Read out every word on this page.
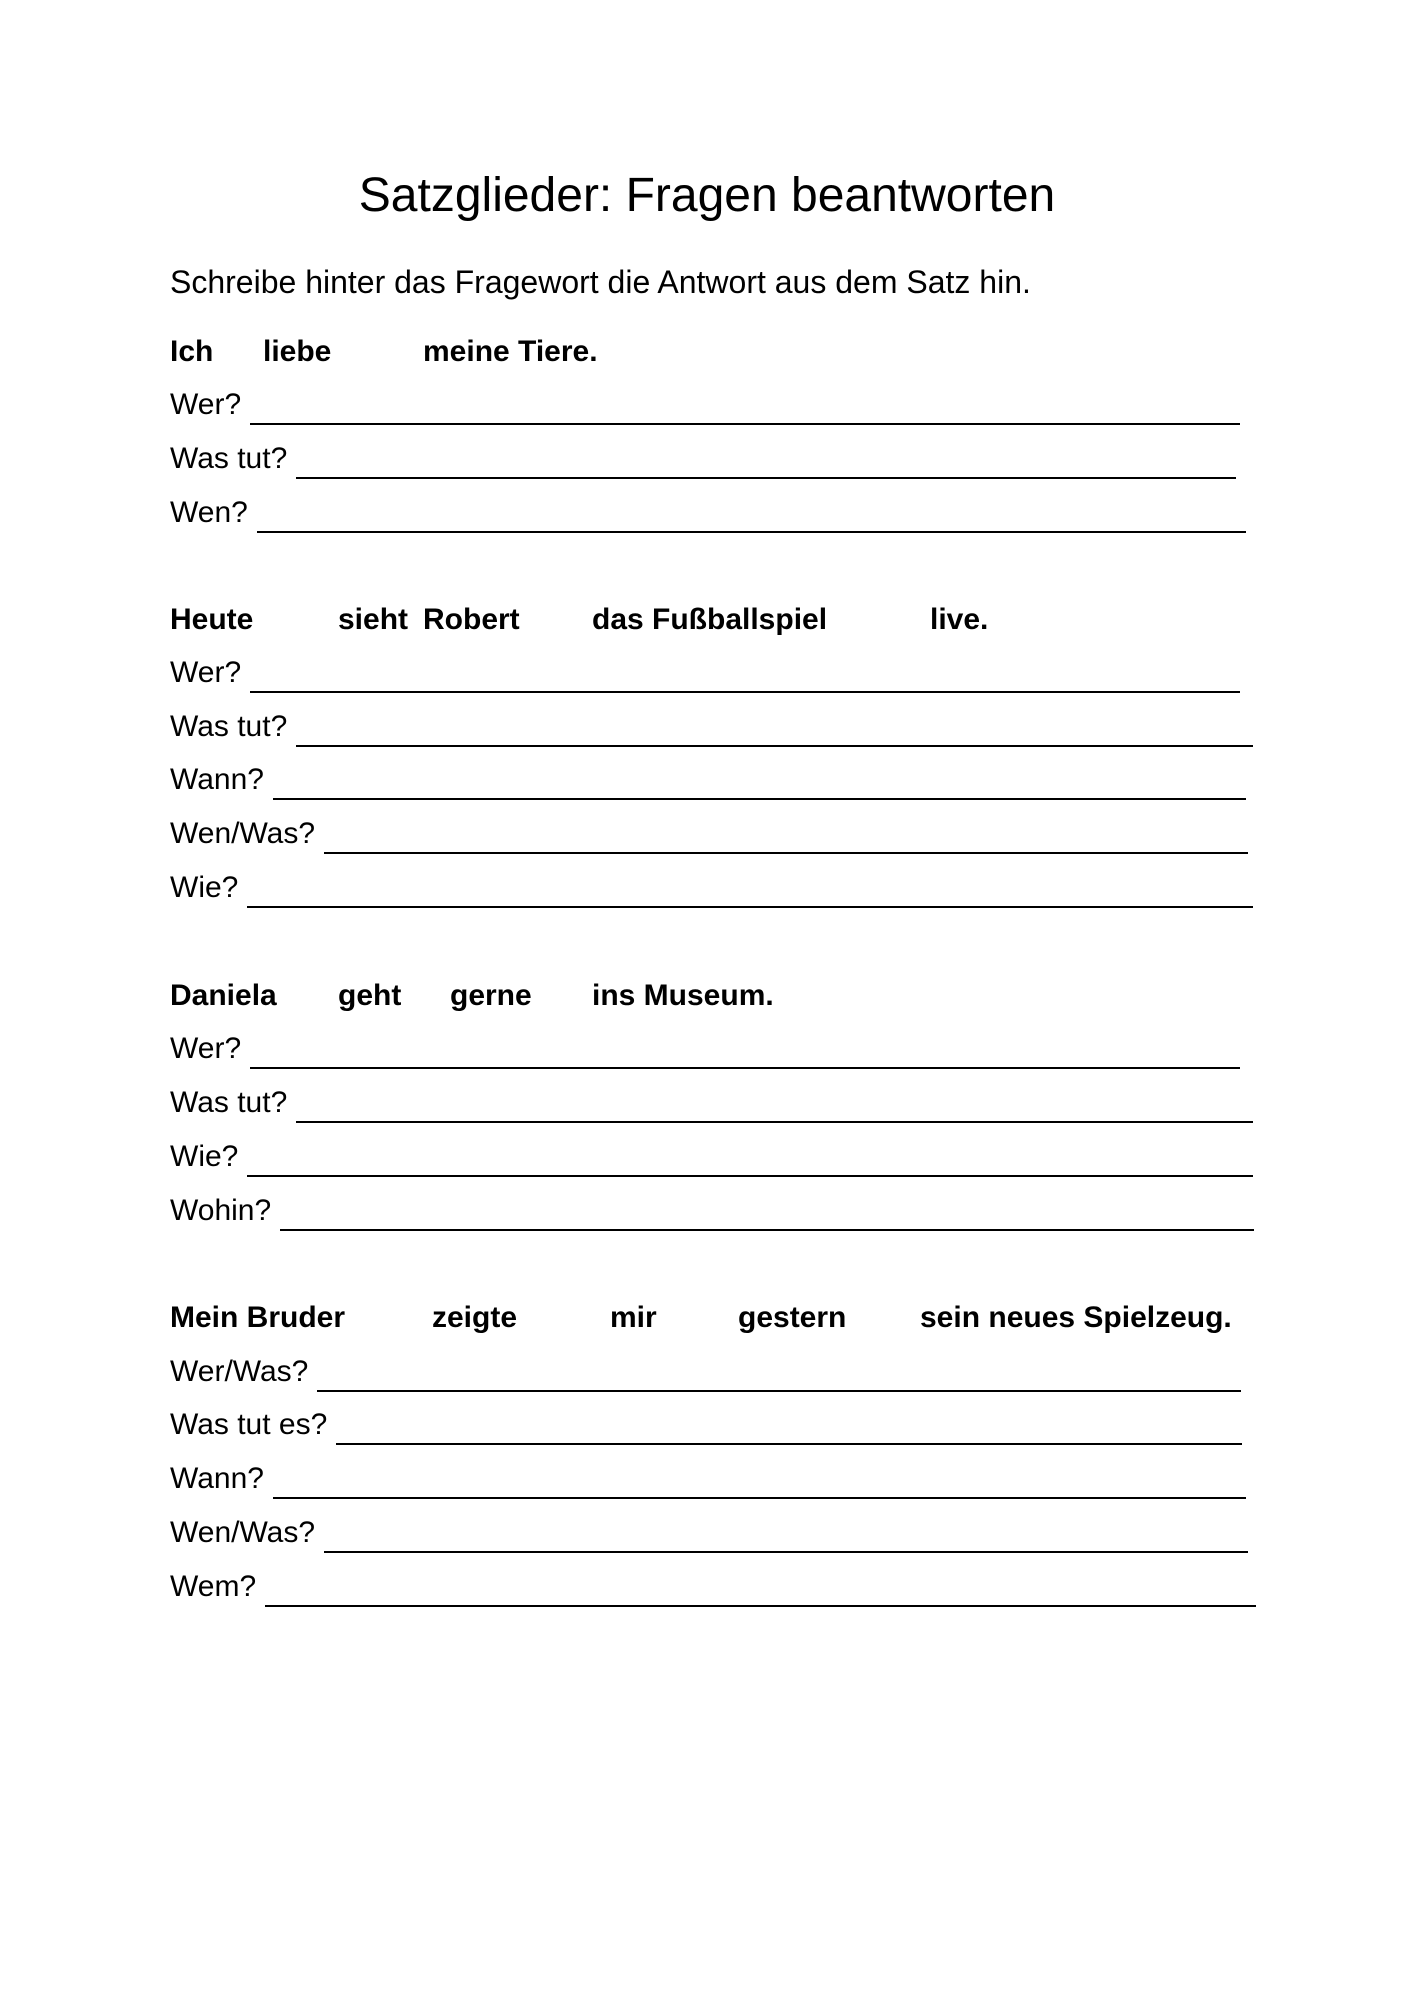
Satzglieder: Fragen beantworten
Schreibe hinter das Fragewort die Antwort aus dem Satz hin.
Ich liebe	meine Tiere.
Wer?
Was tut?
Wen?
Heute	sieht Robert das Fußballspiel	live.
Wer?
Was tut?
Wann?
Wen/Was?
Wie?
Daniela geht gerne ins Museum.
Wer?
Was tut?
Wie?
Wohin?
Mein Bruder	zeigte	mir	gestern sein neues Spielzeug.
Wer/Was?
Was tut es?
Wann?
Wen/Was?
Wem?
